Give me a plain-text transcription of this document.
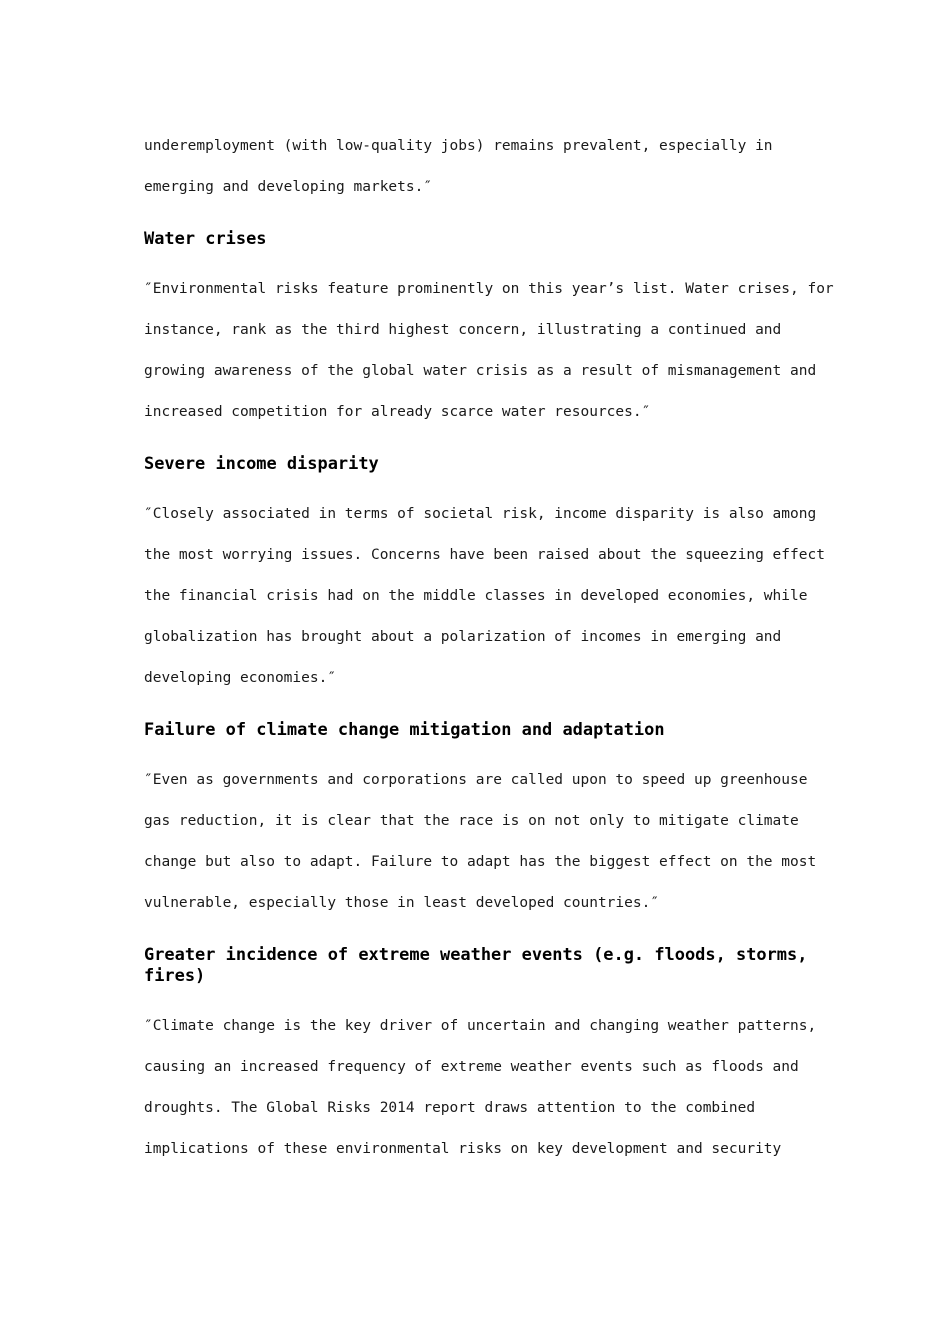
underemployment (with low-quality jobs) remains prevalent, especially in
emerging and developing markets.″

Water crises

″Environmental risks feature prominently on this year’s list. Water crises, for
instance, rank as the third highest concern, illustrating a continued and
growing awareness of the global water crisis as a result of mismanagement and
increased competition for already scarce water resources.″

Severe income disparity

″Closely associated in terms of societal risk, income disparity is also among
the most worrying issues. Concerns have been raised about the squeezing effect
the financial crisis had on the middle classes in developed economies, while
globalization has brought about a polarization of incomes in emerging and
developing economies.″

Failure of climate change mitigation and adaptation

″Even as governments and corporations are called upon to speed up greenhouse
gas reduction, it is clear that the race is on not only to mitigate climate
change but also to adapt. Failure to adapt has the biggest effect on the most
vulnerable, especially those in least developed countries.″

Greater incidence of extreme weather events (e.g. floods, storms, fires)

″Climate change is the key driver of uncertain and changing weather patterns,
causing an increased frequency of extreme weather events such as floods and
droughts. The Global Risks 2014 report draws attention to the combined
implications of these environmental risks on key development and security
